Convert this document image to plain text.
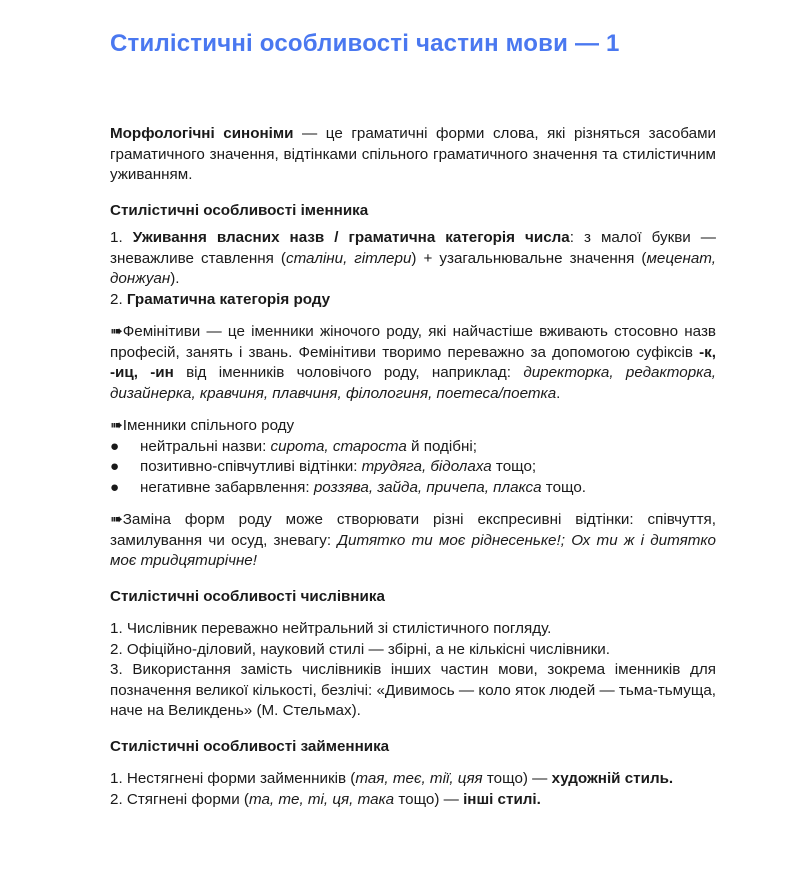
Стилістичні особливості частин мови — 1

Морфологічні синоніми — це граматичні форми слова, які різняться засобами граматичного значення, відтінками спільного граматичного значення та стилістичним уживанням.

Стилістичні особливості іменника

1. Уживання власних назв / граматична категорія числа: з малої букви — зневажливе ставлення (сталіни, гітлери) + узагальнювальне значення (меценат, донжуан).

2. Граматична категорія роду

➠Фемінітиви — це іменники жіночого роду, які найчастіше вживають стосовно назв професій, занять і звань. Фемінітиви творимо переважно за допомогою суфіксів -к, -иц, -ин від іменників чоловічого роду, наприклад: директорка, редакторка, дизайнерка, кравчиня, плавчиня, філологиня, поетеса/поетка.

➠Іменники спільного роду

● нейтральні назви: сирота, староста й подібні;
● позитивно-співчутливі відтінки: трудяга, бідолаха тощо;
● негативне забарвлення: роззява, зайда, причепа, плакса тощо.

➠Заміна форм роду може створювати різні експресивні відтінки: співчуття, замилування чи осуд, зневагу: Дитятко ти моє ріднесеньке!; Ох ти ж і дитятко моє тридцятирічне!

Стилістичні особливості числівника

1. Числівник переважно нейтральний зі стилістичного погляду.

2. Офіційно-діловий, науковий стилі — збірні, а не кількісні числівники.

3. Використання замість числівників інших частин мови, зокрема іменників для позначення великої кількості, безлічі: «Дивимось — коло яток людей — тьма-тьмуща, наче на Великдень» (М. Стельмах).

Стилістичні особливості займенника

1. Нестягнені форми займенників (тая, теє, тії, цяя тощо) — художній стиль.

2. Стягнені форми (та, те, ті, ця, така тощо) — інші стилі.
